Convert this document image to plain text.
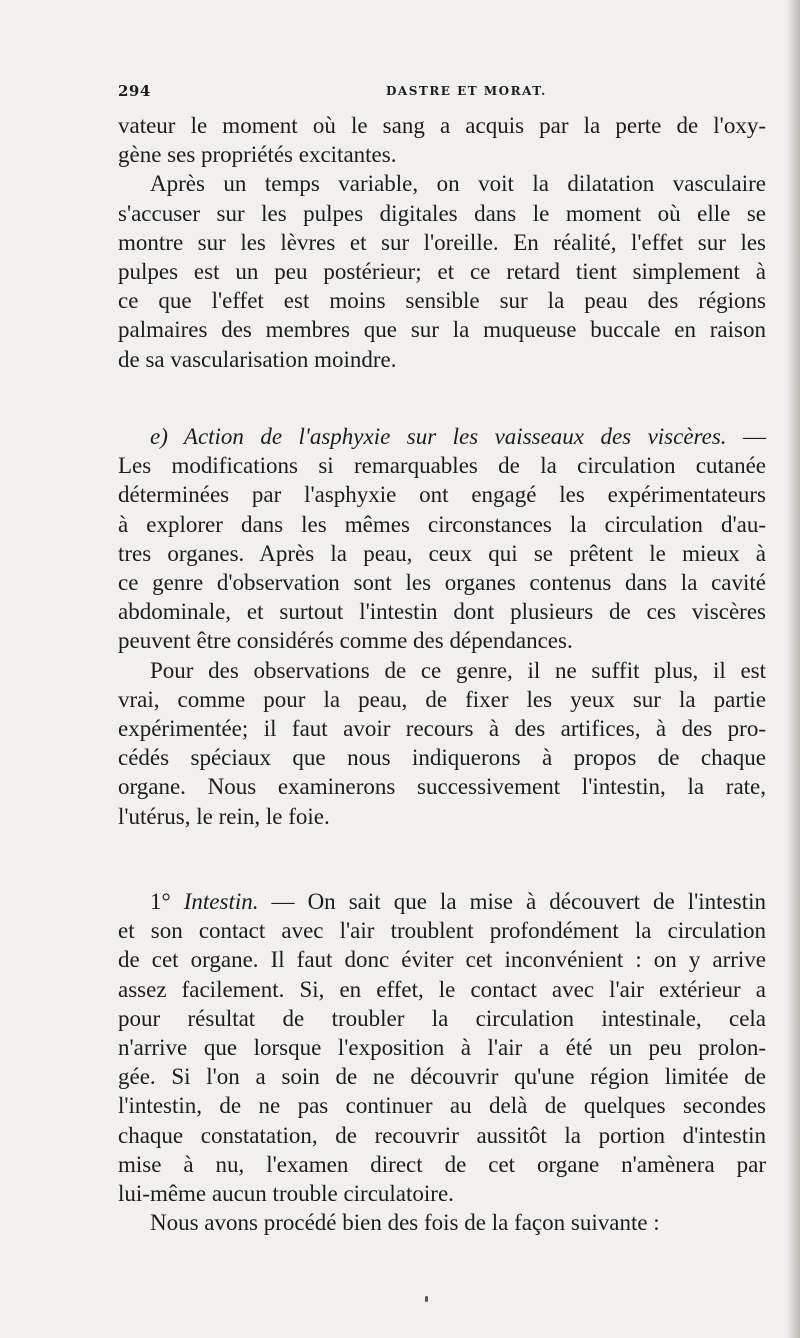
294	DASTRE ET MORAT.
vateur le moment où le sang a acquis par la perte de l'oxy-
gène ses propriétés excitantes.
Après un temps variable, on voit la dilatation vasculaire
s'accuser sur les pulpes digitales dans le moment où elle se
montre sur les lèvres et sur l'oreille. En réalité, l'effet sur les
pulpes est un peu postérieur; et ce retard tient simplement à
ce que l'effet est moins sensible sur la peau des régions
palmaires des membres que sur la muqueuse buccale en raison
de sa vascularisation moindre.
e) Action de l'asphyxie sur les vaisseaux des viscères. —
Les modifications si remarquables de la circulation cutanée
déterminées par l'asphyxie ont engagé les expérimentateurs
à explorer dans les mêmes circonstances la circulation d'au-
tres organes. Après la peau, ceux qui se prêtent le mieux à
ce genre d'observation sont les organes contenus dans la cavité
abdominale, et surtout l'intestin dont plusieurs de ces viscères
peuvent être considérés comme des dépendances.
Pour des observations de ce genre, il ne suffit plus, il est
vrai, comme pour la peau, de fixer les yeux sur la partie
expérimentée; il faut avoir recours à des artifices, à des pro-
cédés spéciaux que nous indiquerons à propos de chaque
organe. Nous examinerons successivement l'intestin, la rate,
l'utérus, le rein, le foie.
1° Intestin. — On sait que la mise à découvert de l'intestin
et son contact avec l'air troublent profondément la circulation
de cet organe. Il faut donc éviter cet inconvénient : on y arrive
assez facilement. Si, en effet, le contact avec l'air extérieur a
pour résultat de troubler la circulation intestinale, cela
n'arrive que lorsque l'exposition à l'air a été un peu prolon-
gée. Si l'on a soin de ne découvrir qu'une région limitée de
l'intestin, de ne pas continuer au delà de quelques secondes
chaque constatation, de recouvrir aussitôt la portion d'intestin
mise à nu, l'examen direct de cet organe n'amènera par
lui-même aucun trouble circulatoire.
Nous avons procédé bien des fois de la façon suivante :
